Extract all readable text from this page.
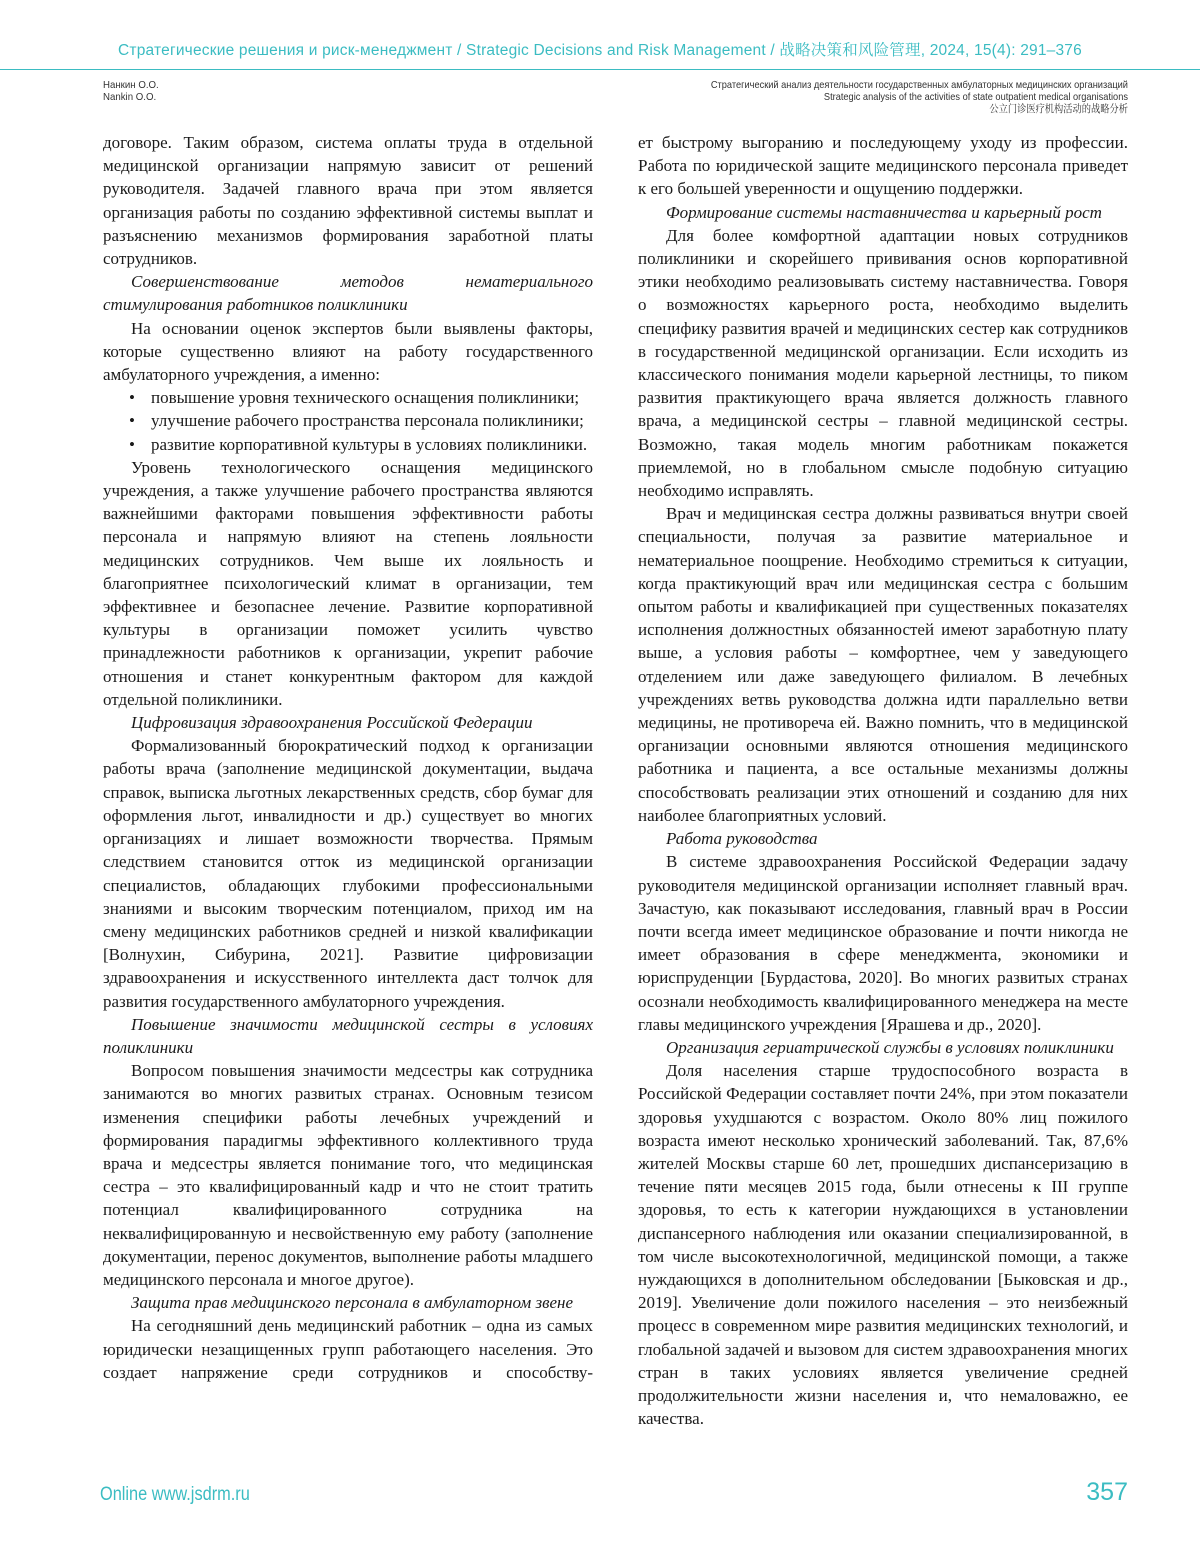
Стратегические решения и риск-менеджмент / Strategic Decisions and Risk Management / 战略决策和风险管理, 2024, 15(4): 291–376
Нанкин О.О.
Nankin O.O.
Стратегический анализ деятельности государственных амбулаторных медицинских организаций
Strategic analysis of the activities of state outpatient medical organisations
公立门诊医疗机构活动的战略分析

договоре. Таким образом, система оплаты труда в отдельной медицинской организации напрямую зависит от решений руководителя. Задачей главного врача при этом является организация работы по созданию эффективной системы выплат и разъяснению механизмов формирования заработной платы сотрудников.

Совершенствование методов нематериального стимулирования работников поликлиники

На основании оценок экспертов были выявлены факторы, которые существенно влияют на работу государственного амбулаторного учреждения, а именно:

• повышение уровня технического оснащения поликлиники;
• улучшение рабочего пространства персонала поликлиники;
• развитие корпоративной культуры в условиях поликлиники.

Уровень технологического оснащения медицинского учреждения, а также улучшение рабочего пространства являются важнейшими факторами повышения эффективности работы персонала и напрямую влияют на степень лояльности медицинских сотрудников. Чем выше их лояльность и благоприятнее психологический климат в организации, тем эффективнее и безопаснее лечение. Развитие корпоративной культуры в организации поможет усилить чувство принадлежности работников к организации, укрепит рабочие отношения и станет конкурентным фактором для каждой отдельной поликлиники.

Цифровизация здравоохранения Российской Федерации

Формализованный бюрократический подход к организации работы врача (заполнение медицинской документации, выдача справок, выписка льготных лекарственных средств, сбор бумаг для оформления льгот, инвалидности и др.) существует во многих организациях и лишает возможности творчества. Прямым следствием становится отток из медицинской организации специалистов, обладающих глубокими профессиональными знаниями и высоким творческим потенциалом, приход им на смену медицинских работников средней и низкой квалификации [Волнухин, Сибурина, 2021]. Развитие цифровизации здравоохранения и искусственного интеллекта даст толчок для развития государственного амбулаторного учреждения.

Повышение значимости медицинской сестры в условиях поликлиники

Вопросом повышения значимости медсестры как сотрудника занимаются во многих развитых странах. Основным тезисом изменения специфики работы лечебных учреждений и формирования парадигмы эффективного коллективного труда врача и медсестры является понимание того, что медицинская сестра – это квалифицированный кадр и что не стоит тратить потенциал квалифицированного сотрудника на неквалифицированную и несвойственную ему работу (заполнение документации, перенос документов, выполнение работы младшего медицинского персонала и многое другое).

Защита прав медицинского персонала в амбулаторном звене

На сегодняшний день медицинский работник – одна из самых юридически незащищенных групп работающего населения. Это создает напряжение среди сотрудников и способству-

ет быстрому выгоранию и последующему уходу из профессии. Работа по юридической защите медицинского персонала приведет к его большей уверенности и ощущению поддержки.

Формирование системы наставничества и карьерный рост

Для более комфортной адаптации новых сотрудников поликлиники и скорейшего прививания основ корпоративной этики необходимо реализовывать систему наставничества. Говоря о возможностях карьерного роста, необходимо выделить специфику развития врачей и медицинских сестер как сотрудников в государственной медицинской организации. Если исходить из классического понимания модели карьерной лестницы, то пиком развития практикующего врача является должность главного врача, а медицинской сестры – главной медицинской сестры. Возможно, такая модель многим работникам покажется приемлемой, но в глобальном смысле подобную ситуацию необходимо исправлять.

Врач и медицинская сестра должны развиваться внутри своей специальности, получая за развитие материальное и нематериальное поощрение. Необходимо стремиться к ситуации, когда практикующий врач или медицинская сестра с большим опытом работы и квалификацией при существенных показателях исполнения должностных обязанностей имеют заработную плату выше, а условия работы – комфортнее, чем у заведующего отделением или даже заведующего филиалом. В лечебных учреждениях ветвь руководства должна идти параллельно ветви медицины, не противореча ей. Важно помнить, что в медицинской организации основными являются отношения медицинского работника и пациента, а все остальные механизмы должны способствовать реализации этих отношений и созданию для них наиболее благоприятных условий.

Работа руководства

В системе здравоохранения Российской Федерации задачу руководителя медицинской организации исполняет главный врач. Зачастую, как показывают исследования, главный врач в России почти всегда имеет медицинское образование и почти никогда не имеет образования в сфере менеджмента, экономики и юриспруденции [Бурдастова, 2020]. Во многих развитых странах осознали необходимость квалифицированного менеджера на месте главы медицинского учреждения [Ярашева и др., 2020].

Организация гериатрической службы в условиях поликлиники

Доля населения старше трудоспособного возраста в Российской Федерации составляет почти 24%, при этом показатели здоровья ухудшаются с возрастом. Около 80% лиц пожилого возраста имеют несколько хронический заболеваний. Так, 87,6% жителей Москвы старше 60 лет, прошедших диспансеризацию в течение пяти месяцев 2015 года, были отнесены к III группе здоровья, то есть к категории нуждающихся в установлении диспансерного наблюдения или оказании специализированной, в том числе высокотехнологичной, медицинской помощи, а также нуждающихся в дополнительном обследовании [Быковская и др., 2019]. Увеличение доли пожилого населения – это неизбежный процесс в современном мире развития медицинских технологий, и глобальной задачей и вызовом для систем здравоохранения многих стран в таких условиях является увеличение средней продолжительности жизни населения и, что немаловажно, ее качества.

Online www.jsdrm.ru	357
